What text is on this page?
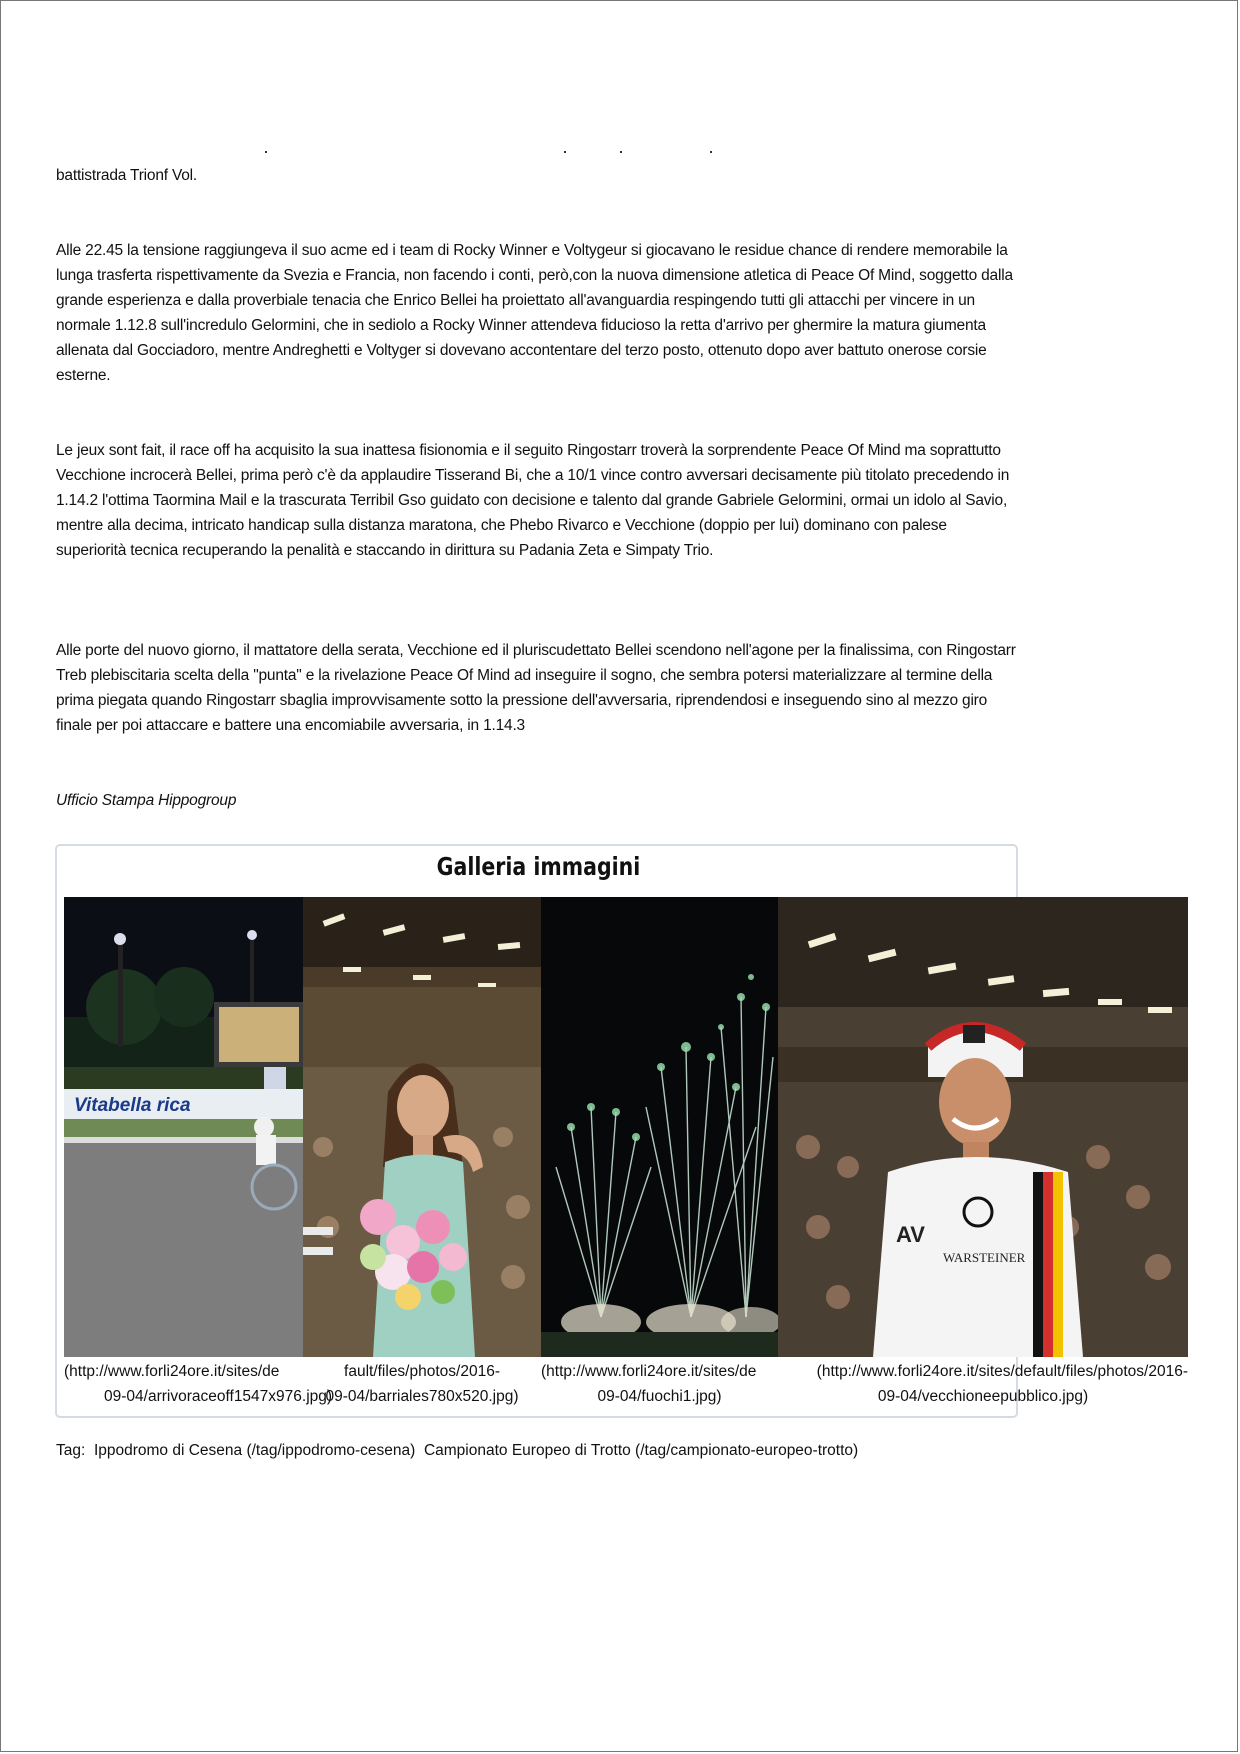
battistrada Trionf Vol.

Alle 22.45 la tensione raggiungeva il suo acme ed i team di Rocky Winner e Voltygeur si giocavano le residue chance di rendere memorabile la lunga trasferta rispettivamente da Svezia e Francia, non facendo i conti, però,con la nuova dimensione atletica di Peace Of Mind, soggetto dalla grande esperienza e dalla proverbiale tenacia che Enrico Bellei ha proiettato all'avanguardia respingendo tutti gli attacchi per vincere in un normale 1.12.8 sull'incredulo Gelormini, che in sediolo a Rocky Winner attendeva fiducioso la retta d'arrivo per ghermire la matura giumenta allenata dal Gocciadoro, mentre Andreghetti e Voltyger si dovevano accontentare del terzo posto, ottenuto dopo aver battuto onerose corsie esterne.

Le jeux sont fait, il race off ha acquisito la sua inattesa fisionomia e il seguito Ringostarr troverà la sorprendente Peace Of Mind ma soprattutto Vecchione incrocerà Bellei, prima però c'è da applaudire Tisserand Bi, che a 10/1 vince contro avversari decisamente più titolato precedendo in 1.14.2 l'ottima Taormina Mail e la trascurata Terribil Gso guidato con decisione e talento dal grande Gabriele Gelormini, ormai un idolo al Savio, mentre alla decima, intricato handicap sulla distanza maratona, che Phebo Rivarco e Vecchione (doppio per lui) dominano con palese superiorità tecnica recuperando la penalità e staccando in dirittura su Padania Zeta e Simpaty Trio.

Alle porte del nuovo giorno, il mattatore della serata, Vecchione ed il pluriscudettato Bellei scendono nell'agone per la finalissima, con Ringostarr Treb plebiscitaria scelta della "punta" e la rivelazione Peace Of Mind ad inseguire il sogno, che sembra potersi materializzare al termine della prima piegata quando Ringostarr sbaglia improvvisamente sotto la pressione dell'avversaria, riprendendosi e inseguendo sino al mezzo giro finale per poi attaccare e battere una encomiabile avversaria, in 1.14.3

Ufficio Stampa Hippogroup

Galleria immagini
Vitabella rica
AV
WARSTEINER
(http://www.forli24ore.it/sites/de
09-04/arrivoraceoff1547x976.jpg)
fault/files/photos/2016-
09-04/barriales780x520.jpg)
(http://www.forli24ore.it/sites/de
09-04/fuochi1.jpg)
(http://www.forli24ore.it/sites/default/files/photos/2016-
09-04/vecchioneepubblico.jpg)
Tag: Ippodromo di Cesena (/tag/ippodromo-cesena) Campionato Europeo di Trotto (/tag/campionato-europeo-trotto)
